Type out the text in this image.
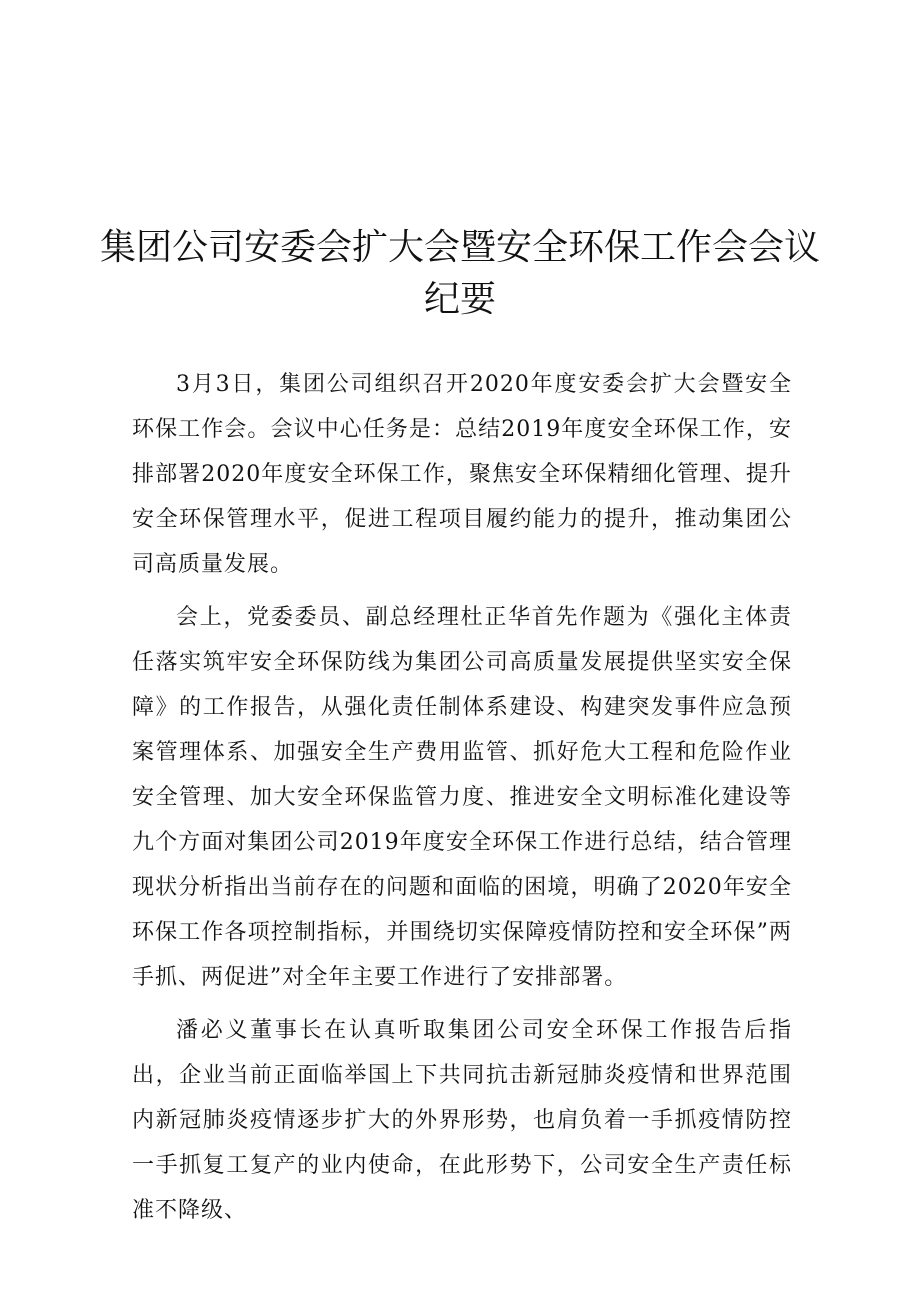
集团公司安委会扩大会暨安全环保工作会会议纪要

3月3日，集团公司组织召开2020年度安委会扩大会暨安全环保工作会。会议中心任务是：总结2019年度安全环保工作，安排部署2020年度安全环保工作，聚焦安全环保精细化管理、提升安全环保管理水平，促进工程项目履约能力的提升，推动集团公司高质量发展。

会上，党委委员、副总经理杜正华首先作题为《强化主体责任落实筑牢安全环保防线为集团公司高质量发展提供坚实安全保障》的工作报告，从强化责任制体系建设、构建突发事件应急预案管理体系、加强安全生产费用监管、抓好危大工程和危险作业安全管理、加大安全环保监管力度、推进安全文明标准化建设等九个方面对集团公司2019年度安全环保工作进行总结，结合管理现状分析指出当前存在的问题和面临的困境，明确了2020年安全环保工作各项控制指标，并围绕切实保障疫情防控和安全环保”两手抓、两促进”对全年主要工作进行了安排部署。

潘必义董事长在认真听取集团公司安全环保工作报告后指出，企业当前正面临举国上下共同抗击新冠肺炎疫情和世界范围内新冠肺炎疫情逐步扩大的外界形势，也肩负着一手抓疫情防控一手抓复工复产的业内使命，在此形势下，公司安全生产责任标准不降级、
